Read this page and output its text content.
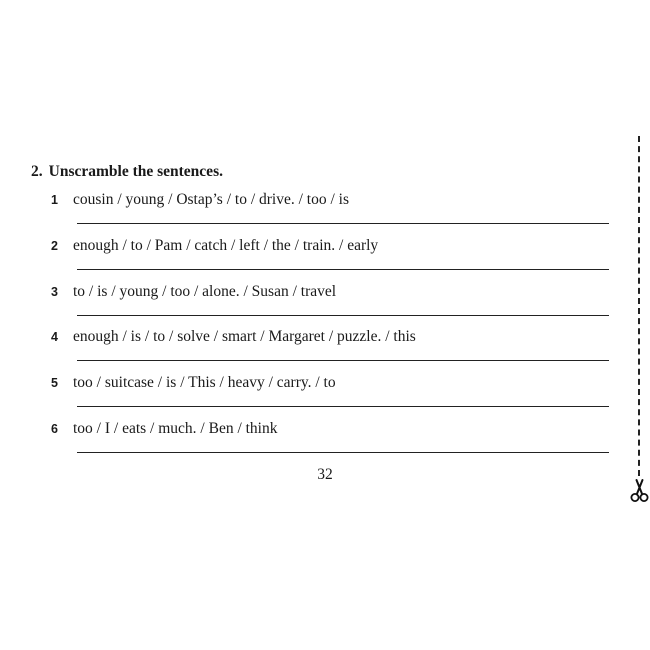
2. Unscramble the sentences.
1 cousin / young / Ostap’s / to / drive. / too / is
2 enough / to / Pam / catch / left / the / train. / early
3 to / is / young / too / alone. / Susan / travel
4 enough / is / to / solve / smart / Margaret / puzzle. / this
5 too / suitcase / is / This / heavy / carry. / to
6 too / I / eats / much. / Ben / think
32
